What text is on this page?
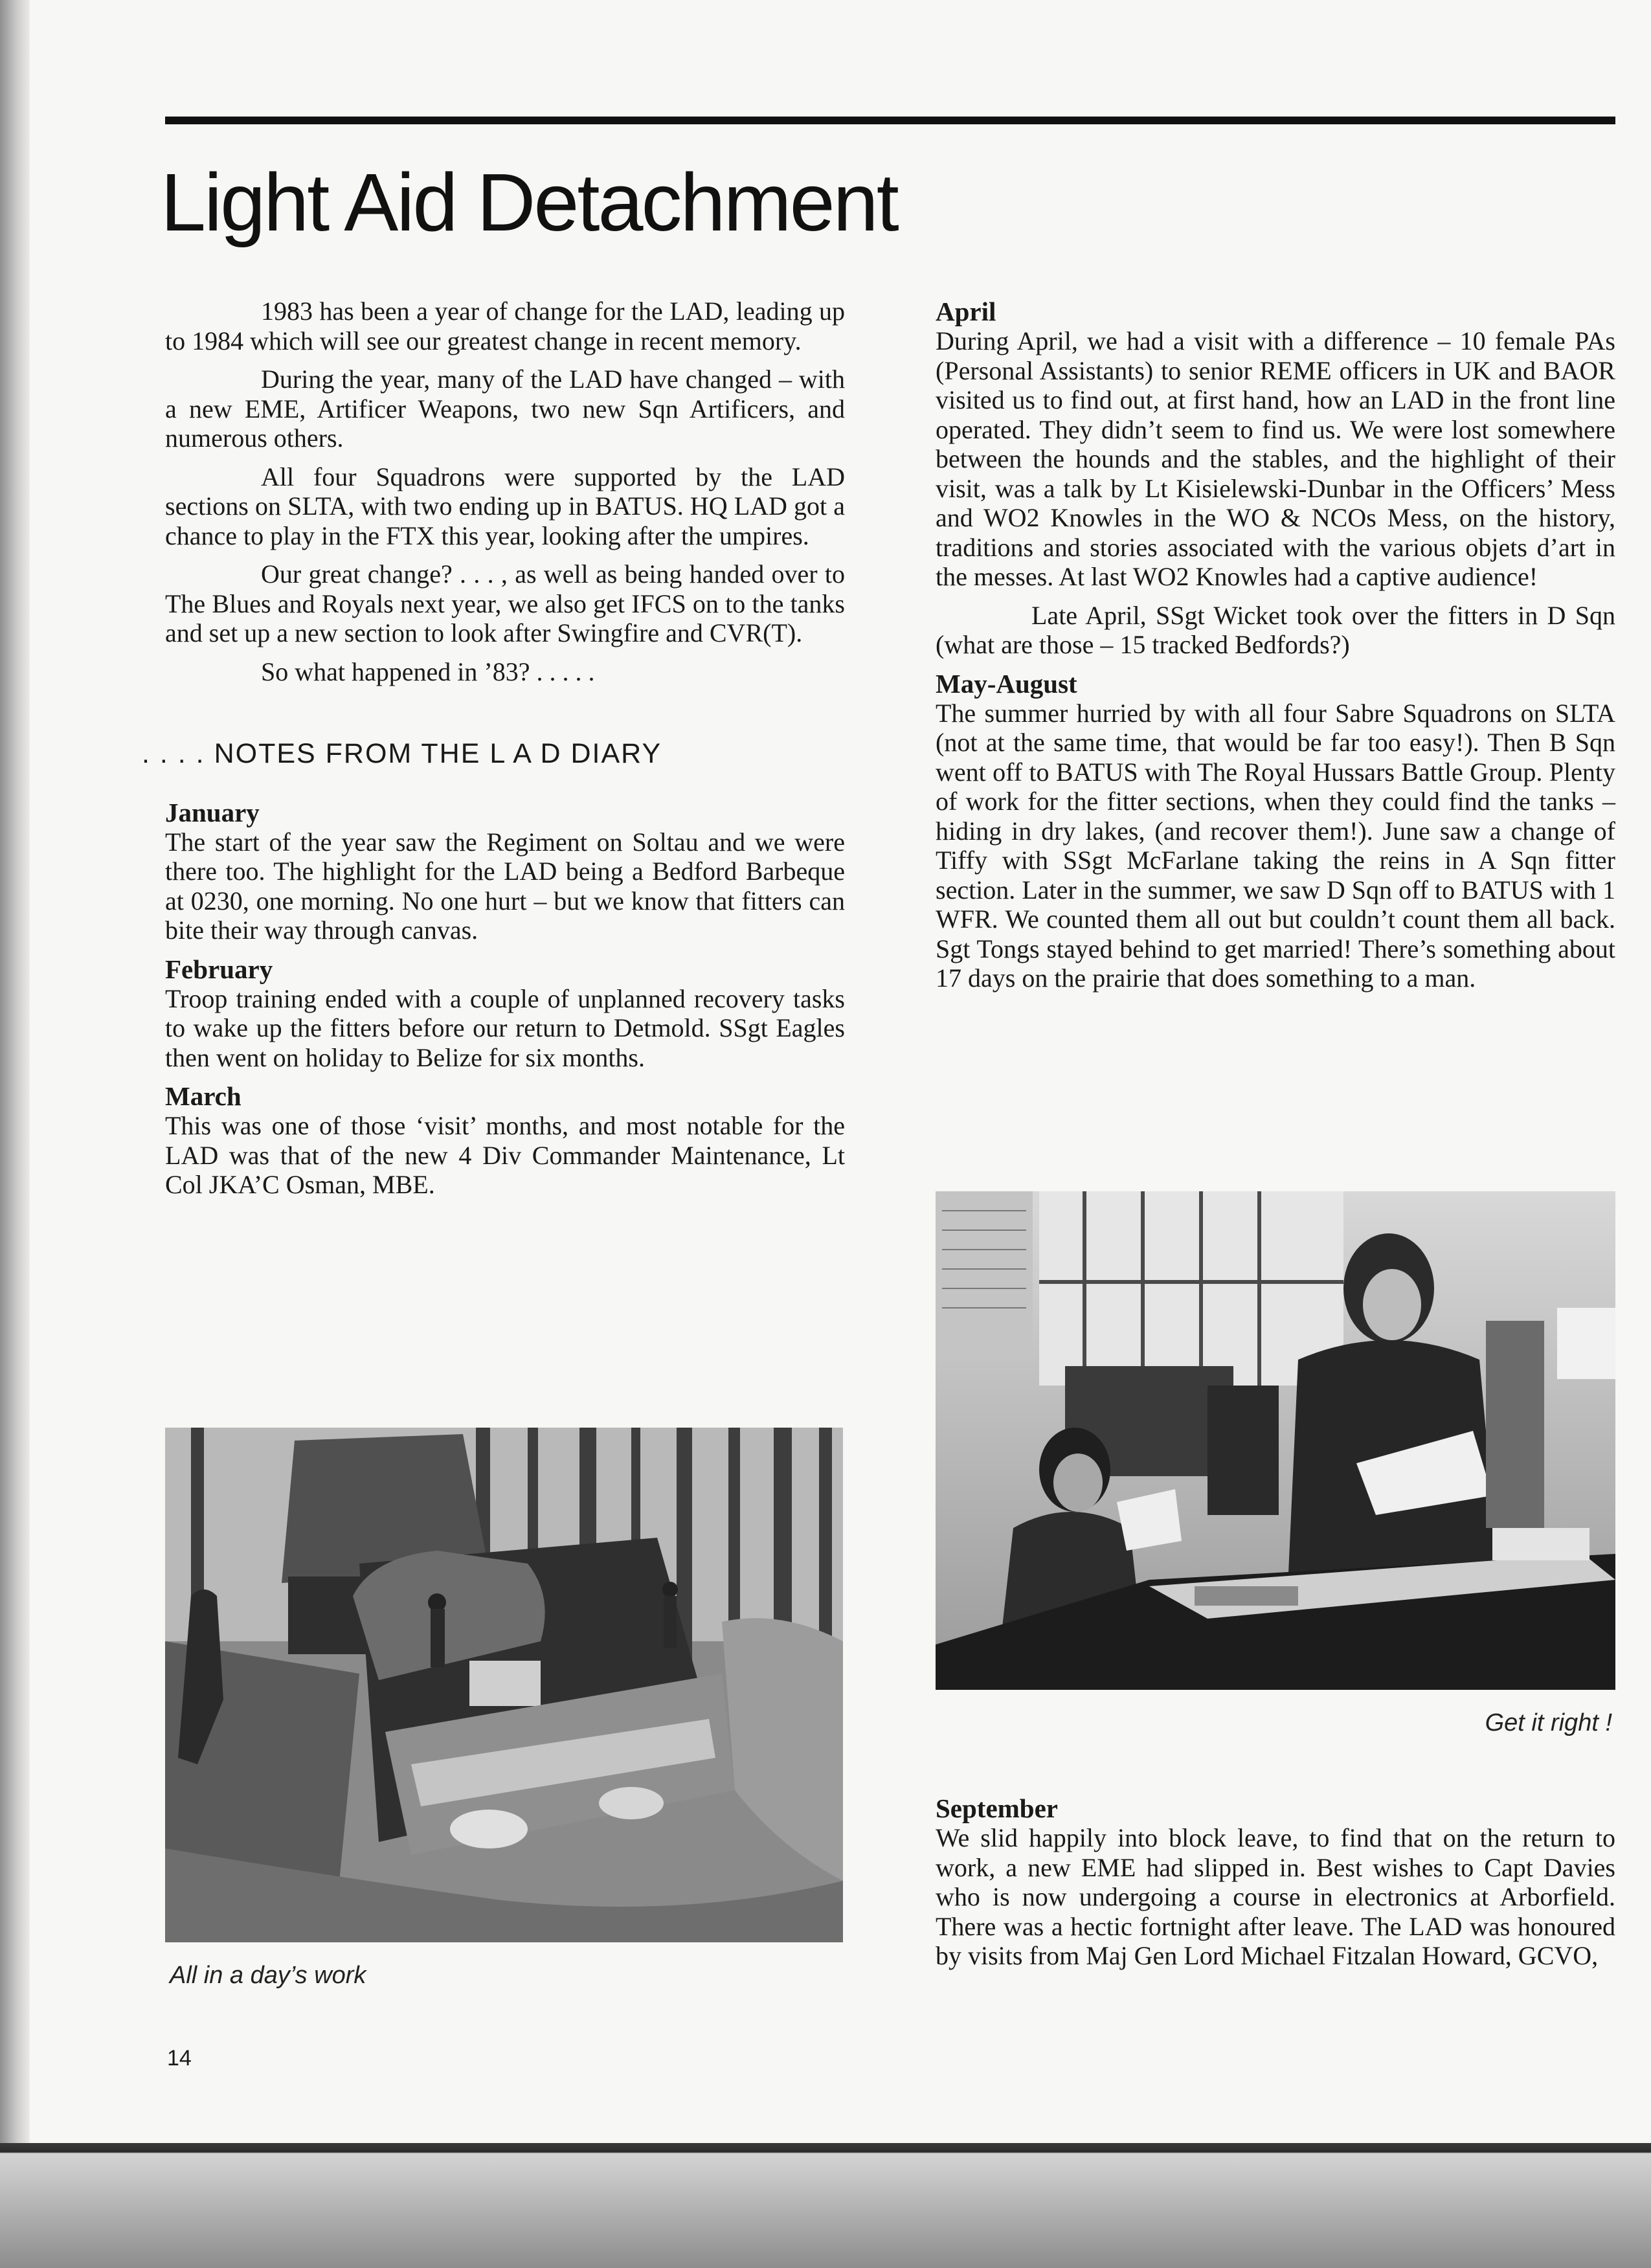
Light Aid Detachment

1983 has been a year of change for the LAD, leading up to 1984 which will see our greatest change in recent memory.

During the year, many of the LAD have changed – with a new EME, Artificer Weapons, two new Sqn Artificers, and numerous others.

All four Squadrons were supported by the LAD sections on SLTA, with two ending up in BATUS. HQ LAD got a chance to play in the FTX this year, looking after the umpires.

Our great change? . . . , as well as being handed over to The Blues and Royals next year, we also get IFCS on to the tanks and set up a new section to look after Swingfire and CVR(T).

So what happened in ’83? . . . . .

. . . . NOTES FROM THE L A D DIARY

January

The start of the year saw the Regiment on Soltau and we were there too. The highlight for the LAD being a Bedford Barbeque at 0230, one morning. No one hurt – but we know that fitters can bite their way through canvas.

February

Troop training ended with a couple of unplanned recovery tasks to wake up the fitters before our return to Detmold. SSgt Eagles then went on holiday to Belize for six months.

March

This was one of those ‘visit’ months, and most notable for the LAD was that of the new 4 Div Commander Maintenance, Lt Col JKA’C Osman, MBE.

April

During April, we had a visit with a difference – 10 female PAs (Personal Assistants) to senior REME officers in UK and BAOR visited us to find out, at first hand, how an LAD in the front line operated. They didn’t seem to find us. We were lost somewhere between the hounds and the stables, and the highlight of their visit, was a talk by Lt Kisielewski-Dunbar in the Officers’ Mess and WO2 Knowles in the WO & NCOs Mess, on the history, traditions and stories associated with the various objets d’art in the messes. At last WO2 Knowles had a captive audience!

Late April, SSgt Wicket took over the fitters in D Sqn (what are those – 15 tracked Bedfords?)

May-August

The summer hurried by with all four Sabre Squadrons on SLTA (not at the same time, that would be far too easy!). Then B Sqn went off to BATUS with The Royal Hussars Battle Group. Plenty of work for the fitter sections, when they could find the tanks – hiding in dry lakes, (and recover them!). June saw a change of Tiffy with SSgt McFarlane taking the reins in A Sqn fitter section. Later in the summer, we saw D Sqn off to BATUS with 1 WFR. We counted them all out but couldn’t count them all back. Sgt Tongs stayed behind to get married! There’s something about 17 days on the prairie that does something to a man.

Get it right !
September

We slid happily into block leave, to find that on the return to work, a new EME had slipped in. Best wishes to Capt Davies who is now undergoing a course in electronics at Arborfield. There was a hectic fortnight after leave. The LAD was honoured by visits from Maj Gen Lord Michael Fitzalan Howard, GCVO,

All in a day’s work
14
